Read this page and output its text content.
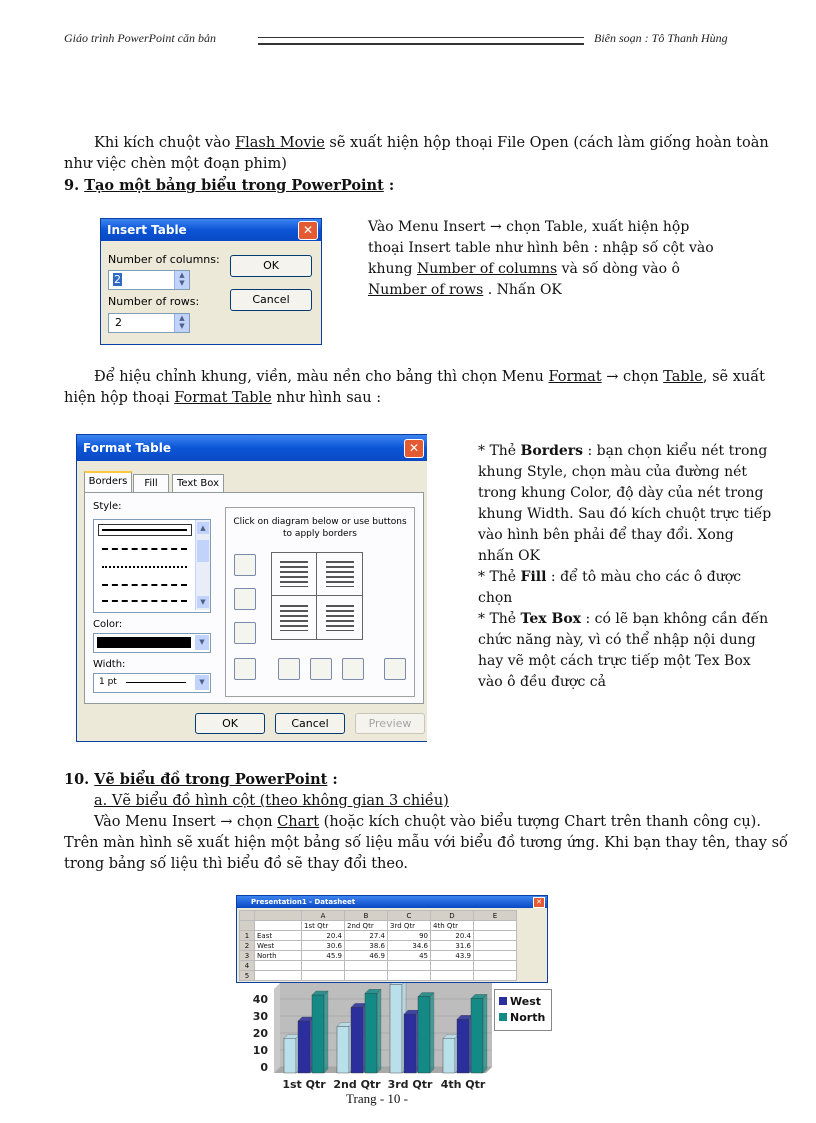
Giáo trình PowerPoint căn bản	Biên soạn : Tô Thanh Hùng
Khi kích chuột vào Flash Movie sẽ xuất hiện hộp thoại File Open (cách làm giống hoàn toàn
như việc chèn một đoạn phim)
9. Tạo một bảng biểu trong PowerPoint :
Insert Table	✕
Number of columns:
2	▲
▼
Number of rows:
2	▲
▼
OK
Cancel
Vào Menu Insert → chọn Table, xuất hiện hộp
thoại Insert table như hình bên : nhập số cột vào
khung Number of columns và số dòng vào ô
Number of rows . Nhấn OK
Để hiệu chỉnh khung, viền, màu nền cho bảng thì chọn Menu Format → chọn Table, sẽ xuất
hiện hộp thoại Format Table như hình sau :
Format Table	✕
Borders	Fill	Text Box
Style:
▲
▼
Color:
▼
Width:
1 pt	▼
Click on diagram below or use buttons to apply borders
OK	Cancel	Preview
* Thẻ Borders : bạn chọn kiểu nét trong
khung Style, chọn màu của đường nét
trong khung Color, độ dày của nét trong
khung Width. Sau đó kích chuột trực tiếp
vào hình bên phải để thay đổi. Xong
nhấn OK
* Thẻ Fill : để tô màu cho các ô được
chọn
* Thẻ Tex Box : có lẽ bạn không cần đến
chức năng này, vì có thể nhập nội dung
hay vẽ một cách trực tiếp một Tex Box
vào ô đều được cả
10. Vẽ biểu đồ trong PowerPoint :
a. Vẽ biểu đồ hình cột (theo không gian 3 chiều)
Vào Menu Insert → chọn Chart (hoặc kích chuột vào biểu tượng Chart trên thanh công cụ).
Trên màn hình sẽ xuất hiện một bảng số liệu mẫu với biểu đồ tương ứng. Khi bạn thay tên, thay số
trong bảng số liệu thì biểu đồ sẽ thay đổi theo.
0
10
20
30
40
1st Qtr 2nd Qtr 3rd Qtr 4th Qtr
West
North
Presentation1 - Datasheet	✕
		A	B	C	D	E
		1st Qtr	2nd Qtr	3rd Qtr	4th Qtr	
1	East	20.4	27.4	90	20.4	
2	West	30.6	38.6	34.6	31.6	
3	North	45.9	46.9	45	43.9	
4						
5						
Trang - 10 -
